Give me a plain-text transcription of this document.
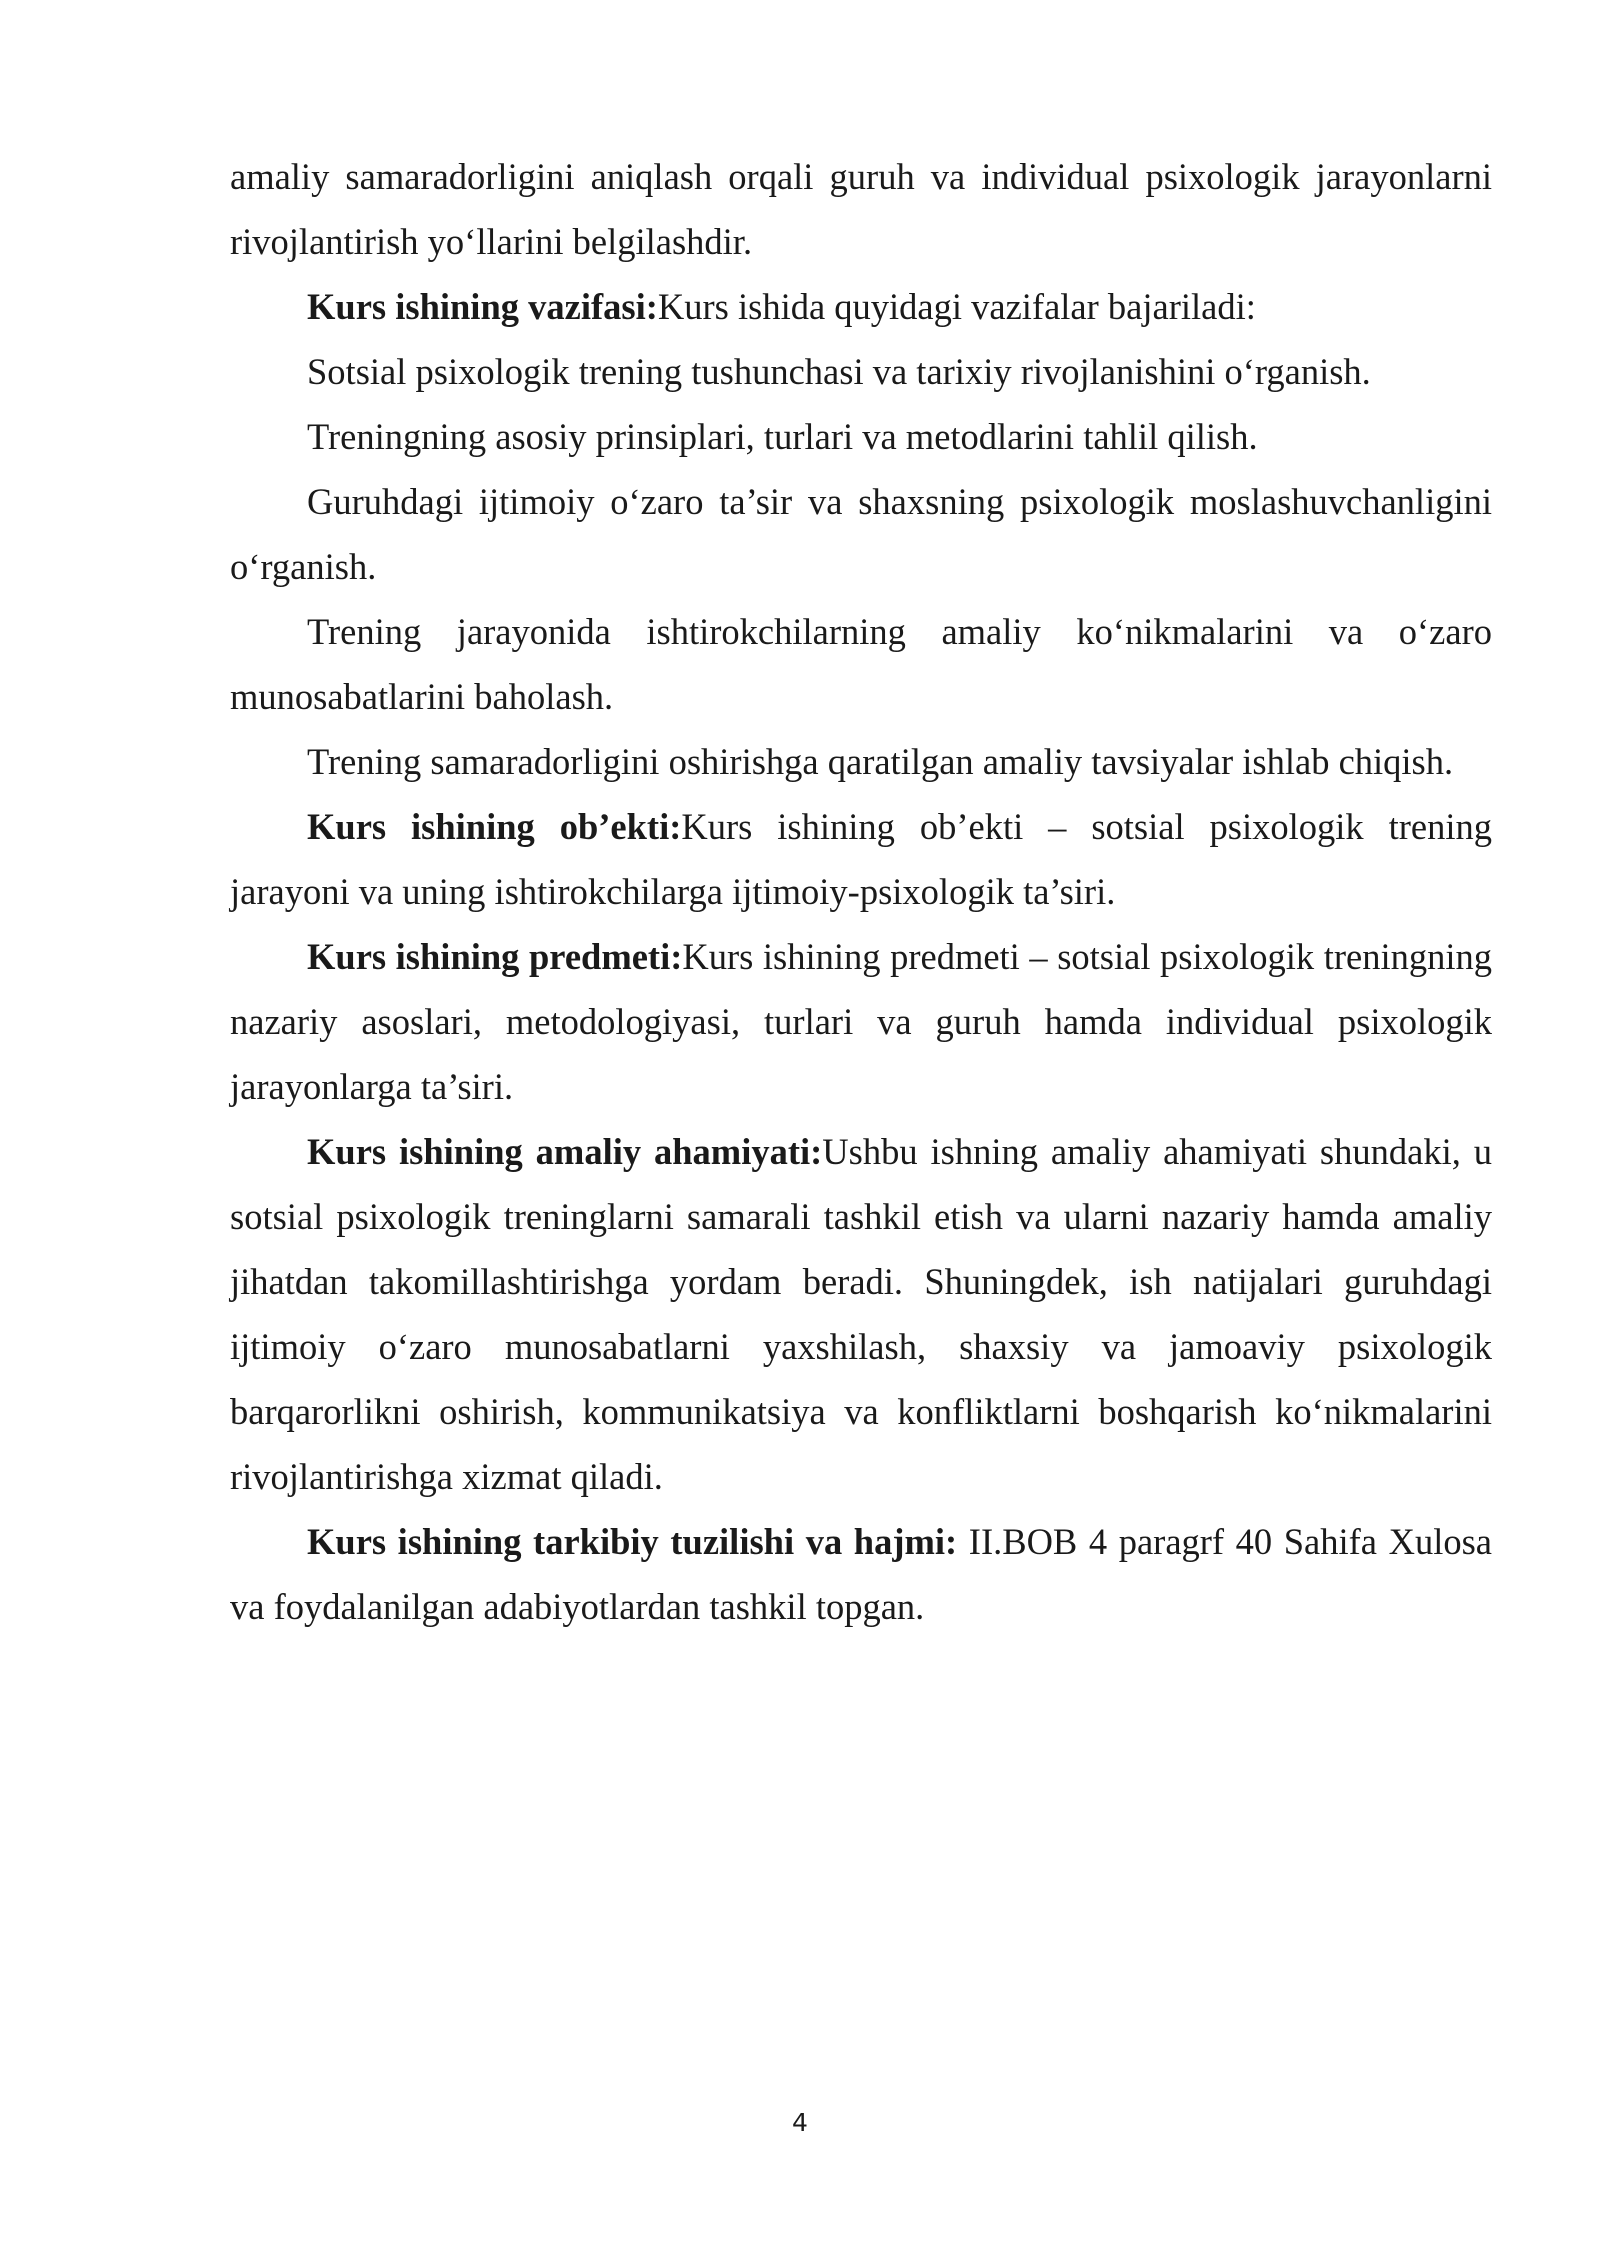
amaliy samaradorligini aniqlash orqali guruh va individual psixologik jarayonlarni rivojlantirish yo‘llarini belgilashdir.

Kurs ishining vazifasi:Kurs ishida quyidagi vazifalar bajariladi:

Sotsial psixologik trening tushunchasi va tarixiy rivojlanishini o‘rganish.

Treningning asosiy prinsiplari, turlari va metodlarini tahlil qilish.

Guruhdagi ijtimoiy o‘zaro ta’sir va shaxsning psixologik moslashuvchanligini o‘rganish.

Trening jarayonida ishtirokchilarning amaliy ko‘nikmalarini va o‘zaro munosabatlarini baholash.

Trening samaradorligini oshirishga qaratilgan amaliy tavsiyalar ishlab chiqish.

Kurs ishining ob’ekti:Kurs ishining ob’ekti – sotsial psixologik trening jarayoni va uning ishtirokchilarga ijtimoiy-psixologik ta’siri.

Kurs ishining predmeti:Kurs ishining predmeti – sotsial psixologik treningning nazariy asoslari, metodologiyasi, turlari va guruh hamda individual psixologik jarayonlarga ta’siri.

Kurs ishining amaliy ahamiyati:Ushbu ishning amaliy ahamiyati shundaki, u sotsial psixologik treninglarni samarali tashkil etish va ularni nazariy hamda amaliy jihatdan takomillashtirishga yordam beradi. Shuningdek, ish natijalari guruhdagi ijtimoiy o‘zaro munosabatlarni yaxshilash, shaxsiy va jamoaviy psixologik barqarorlikni oshirish, kommunikatsiya va konfliktlarni boshqarish ko‘nikmalarini rivojlantirishga xizmat qiladi.

Kurs ishining tarkibiy tuzilishi va hajmi: II.BOB 4 paragrf 40 Sahifa Xulosa va foydalanilgan adabiyotlardan tashkil topgan.

4
